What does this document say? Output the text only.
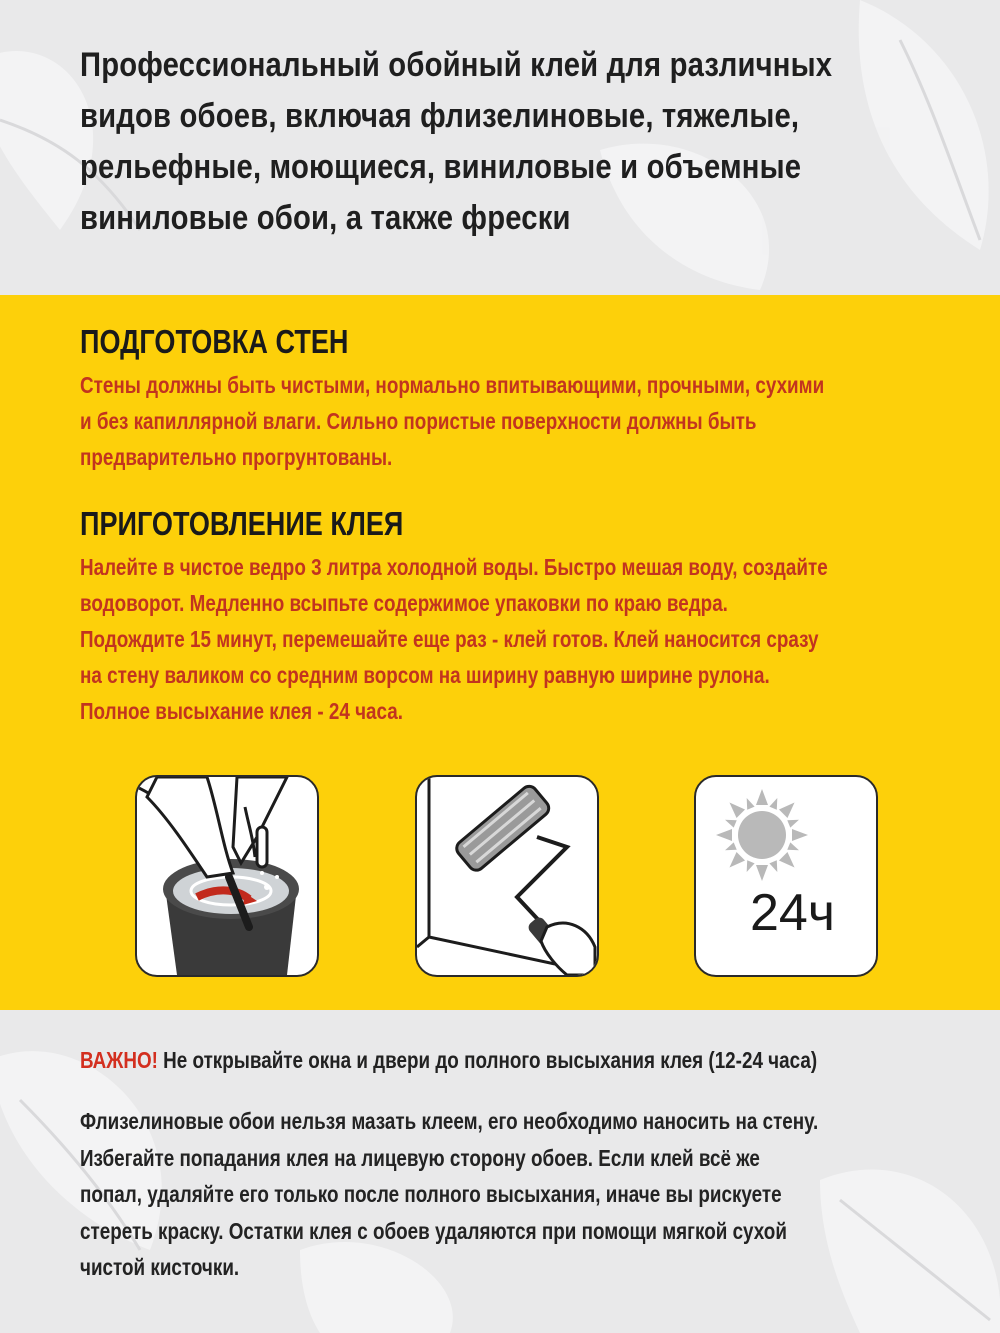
Профессиональный обойный клей для различных
видов обоев, включая флизелиновые, тяжелые,
рельефные, моющиеся, виниловые и объемные
виниловые обои, а также фрески
ПОДГОТОВКА СТЕН
Стены должны быть чистыми, нормально впитывающими, прочными, сухими
и без капиллярной влаги. Сильно пористые поверхности должны быть
предварительно прогрунтованы.
ПРИГОТОВЛЕНИЕ КЛЕЯ
Налейте в чистое ведро 3 литра холодной воды. Быстро мешая воду, создайте
водоворот. Медленно всыпьте содержимое упаковки по краю ведра.
Подождите 15 минут, перемешайте еще раз - клей готов. Клей наносится сразу
на стену валиком со средним ворсом на ширину равную ширине рулона.
Полное высыхание клея - 24 часа.
24ч
ВАЖНО! Не открывайте окна и двери до полного высыхания клея (12-24 часа)
Флизелиновые обои нельзя мазать клеем, его необходимо наносить на стену.
Избегайте попадания клея на лицевую сторону обоев. Если клей всё же
попал, удаляйте его только после полного высыхания, иначе вы рискуете
стереть краску. Остатки клея с обоев удаляются при помощи мягкой сухой
чистой кисточки.
